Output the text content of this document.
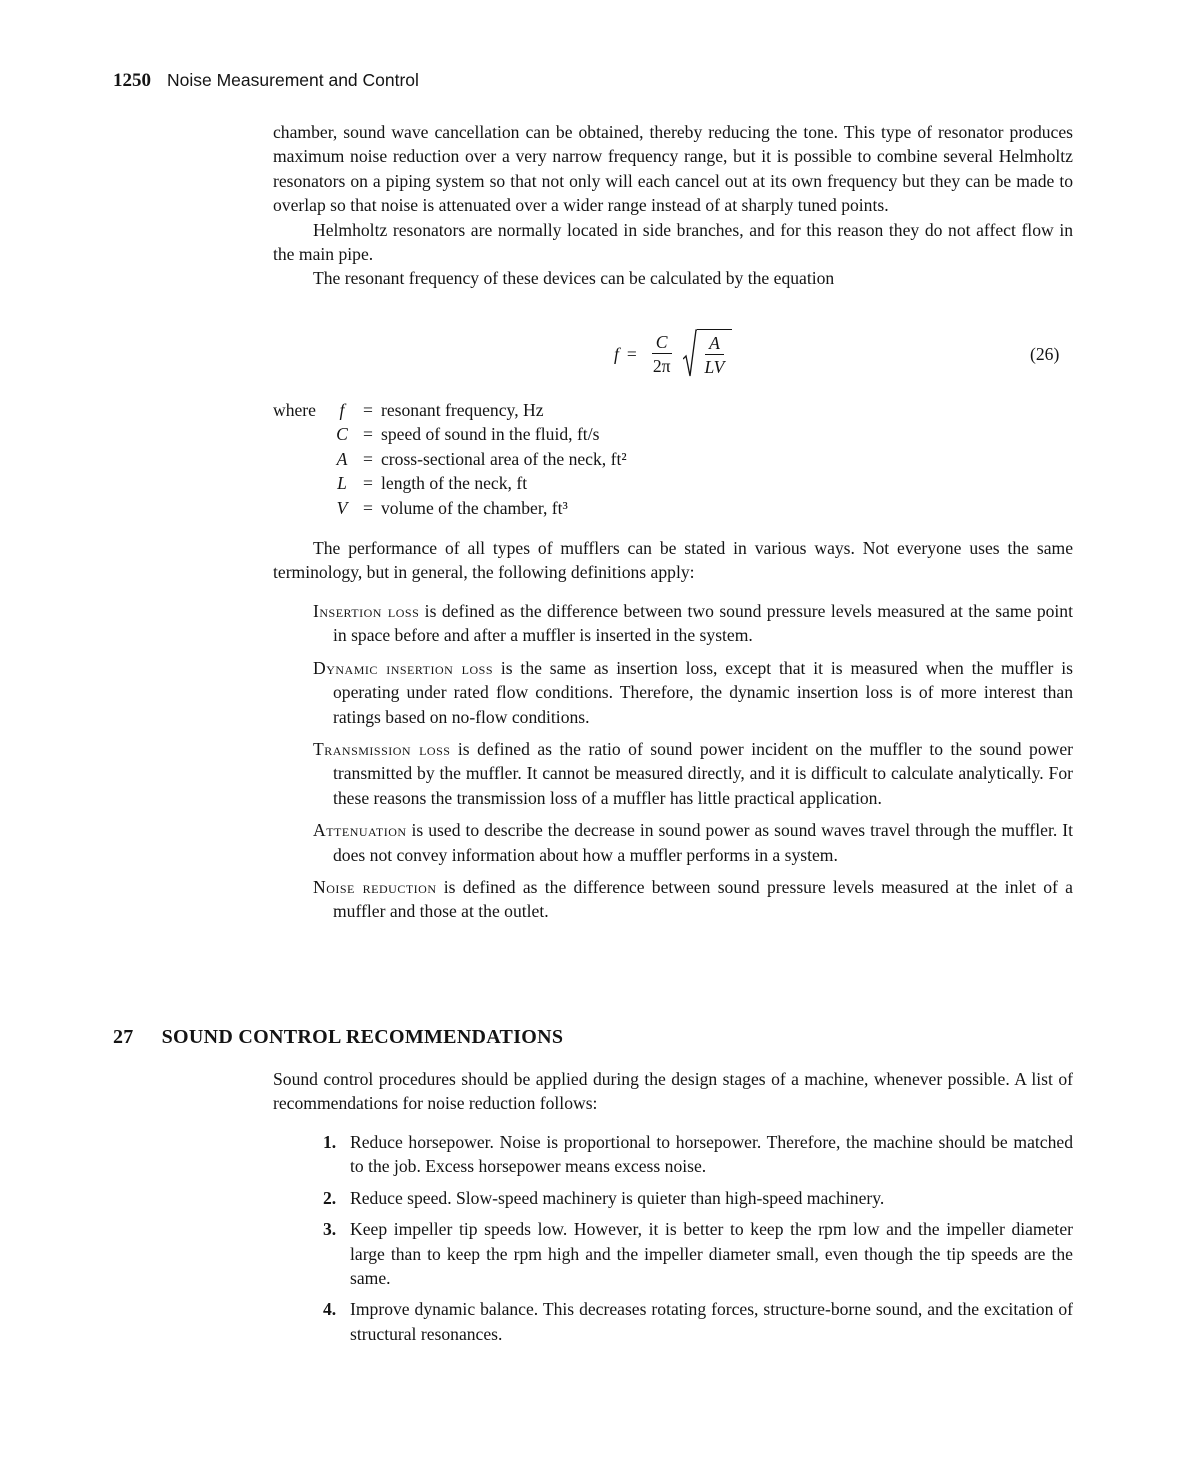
1250 Noise Measurement and Control

chamber, sound wave cancellation can be obtained, thereby reducing the tone. This type of resonator produces maximum noise reduction over a very narrow frequency range, but it is possible to combine several Helmholtz resonators on a piping system so that not only will each cancel out at its own frequency but they can be made to overlap so that noise is attenuated over a wider range instead of at sharply tuned points.

Helmholtz resonators are normally located in side branches, and for this reason they do not affect flow in the main pipe.

The resonant frequency of these devices can be calculated by the equation

$f = \frac{C}{2\pi} \frac{A}{LV}$	(26)
where	f	= resonant frequency, Hz
C = speed of sound in the fluid, ft/s
A = cross-sectional area of the neck, ft²
L = length of the neck, ft
V = volume of the chamber, ft³

The performance of all types of mufflers can be stated in various ways. Not everyone uses the same terminology, but in general, the following definitions apply:

Insertion loss is defined as the difference between two sound pressure levels measured at the same point in space before and after a muffler is inserted in the system.

Dynamic insertion loss is the same as insertion loss, except that it is measured when the muffler is operating under rated flow conditions. Therefore, the dynamic insertion loss is of more interest than ratings based on no-flow conditions.

Transmission loss is defined as the ratio of sound power incident on the muffler to the sound power transmitted by the muffler. It cannot be measured directly, and it is difficult to calculate analytically. For these reasons the transmission loss of a muffler has little practical application.

Attenuation is used to describe the decrease in sound power as sound waves travel through the muffler. It does not convey information about how a muffler performs in a system.

Noise reduction is defined as the difference between sound pressure levels measured at the inlet of a muffler and those at the outlet.

27 SOUND CONTROL RECOMMENDATIONS

Sound control procedures should be applied during the design stages of a machine, whenever possible. A list of recommendations for noise reduction follows:

1. Reduce horsepower. Noise is proportional to horsepower. Therefore, the machine should be matched to the job. Excess horsepower means excess noise.
2. Reduce speed. Slow-speed machinery is quieter than high-speed machinery.
3. Keep impeller tip speeds low. However, it is better to keep the rpm low and the impeller diameter large than to keep the rpm high and the impeller diameter small, even though the tip speeds are the same.
4. Improve dynamic balance. This decreases rotating forces, structure-borne sound, and the excitation of structural resonances.
